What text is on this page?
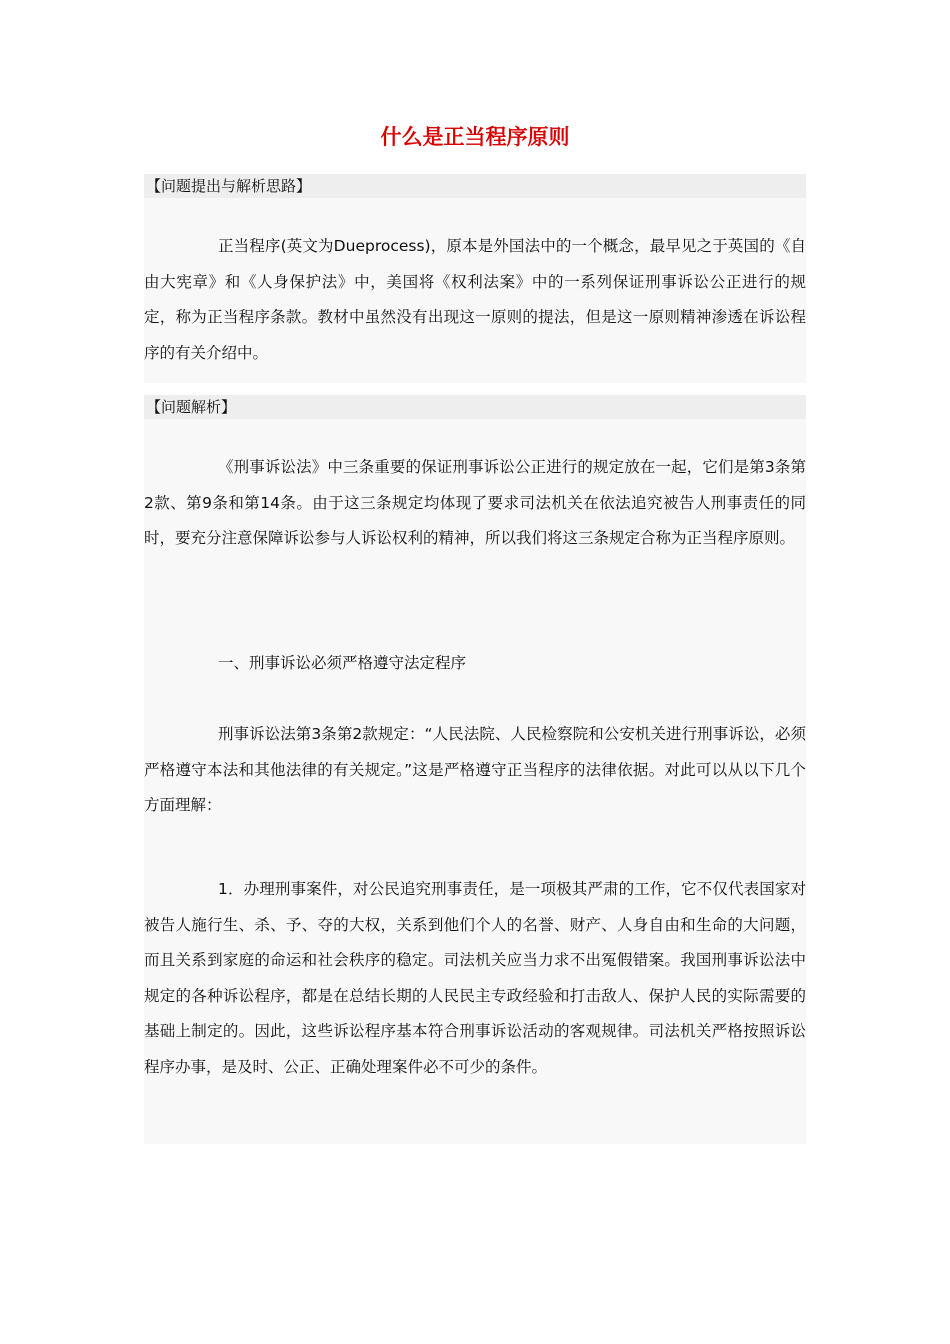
什么是正当程序原则
【问题提出与解析思路】

正当程序(英文为Dueprocess)，原本是外国法中的一个概念，最早见之于英国的《自由大宪章》和《人身保护法》中，美国将《权利法案》中的一系列保证刑事诉讼公正进行的规定，称为正当程序条款。教材中虽然没有出现这一原则的提法，但是这一原则精神渗透在诉讼程序的有关介绍中。

【问题解析】

《刑事诉讼法》中三条重要的保证刑事诉讼公正进行的规定放在一起，它们是第3条第2款、第9条和第14条。由于这三条规定均体现了要求司法机关在依法追究被告人刑事责任的同时，要充分注意保障诉讼参与人诉讼权利的精神，所以我们将这三条规定合称为正当程序原则。

一、刑事诉讼必须严格遵守法定程序

刑事诉讼法第3条第2款规定：“人民法院、人民检察院和公安机关进行刑事诉讼，必须严格遵守本法和其他法律的有关规定。”这是严格遵守正当程序的法律依据。对此可以从以下几个方面理解：

1．办理刑事案件，对公民追究刑事责任，是一项极其严肃的工作，它不仅代表国家对被告人施行生、杀、予、夺的大权，关系到他们个人的名誉、财产、人身自由和生命的大问题，而且关系到家庭的命运和社会秩序的稳定。司法机关应当力求不出冤假错案。我国刑事诉讼法中规定的各种诉讼程序，都是在总结长期的人民民主专政经验和打击敌人、保护人民的实际需要的基础上制定的。因此，这些诉讼程序基本符合刑事诉讼活动的客观规律。司法机关严格按照诉讼程序办事，是及时、公正、正确处理案件必不可少的条件。
